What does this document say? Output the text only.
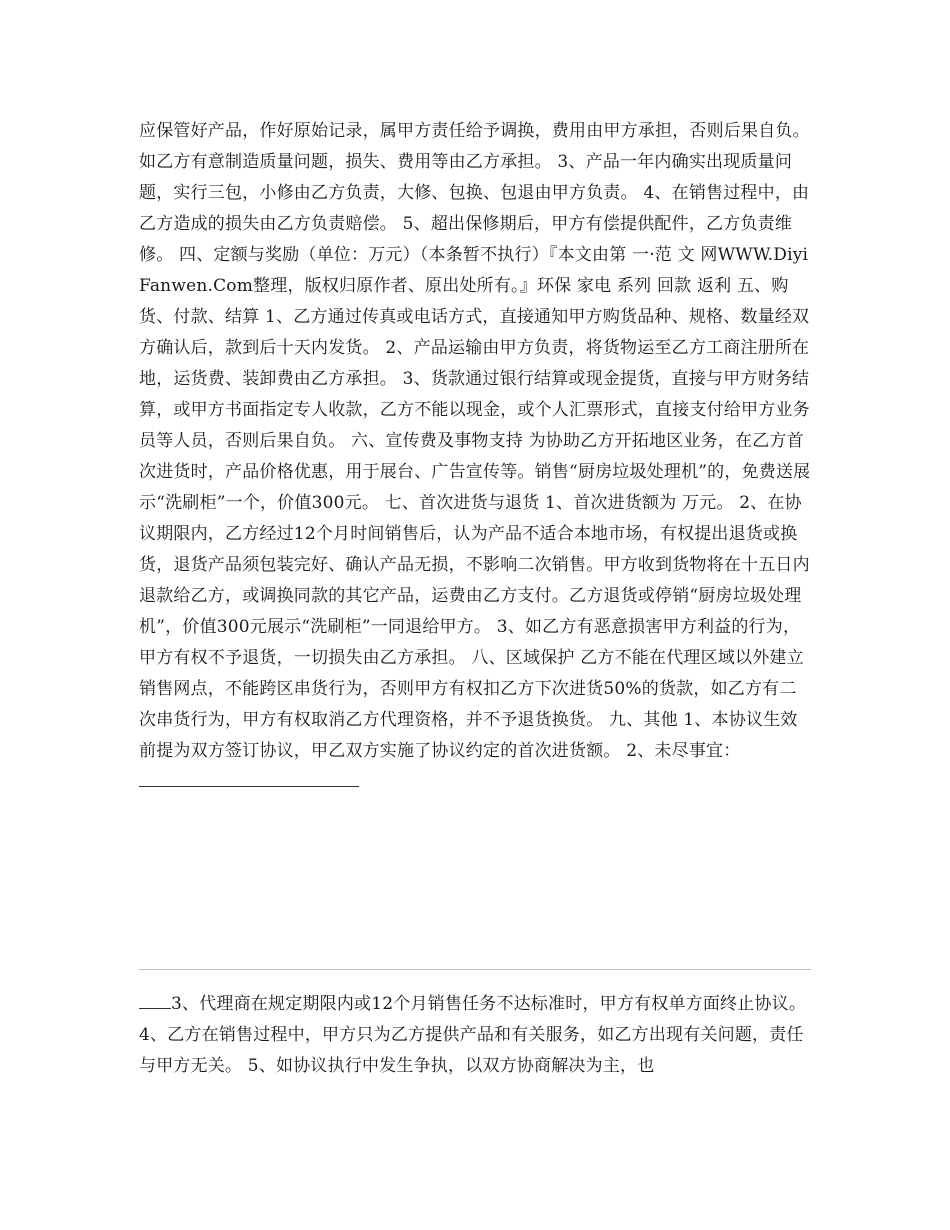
应保管好产品，作好原始记录，属甲方责任给予调换，费用由甲方承担，否则后果自负。如乙方有意制造质量问题，损失、费用等由乙方承担。 3、产品一年内确实出现质量问题，实行三包，小修由乙方负责，大修、包换、包退由甲方负责。 4、在销售过程中，由乙方造成的损失由乙方负责赔偿。 5、超出保修期后，甲方有偿提供配件，乙方负责维修。 四、定额与奖励（单位：万元）（本条暂不执行）『本文由第 一·范 文 网WWW.DiyiFanwen.Com整理，版权归原作者、原出处所有。』环保 家电 系列 回款 返利 五、购货、付款、结算 1、乙方通过传真或电话方式，直接通知甲方购货品种、规格、数量经双方确认后，款到后十天内发货。 2、产品运输由甲方负责，将货物运至乙方工商注册所在地，运货费、装卸费由乙方承担。 3、货款通过银行结算或现金提货，直接与甲方财务结算，或甲方书面指定专人收款，乙方不能以现金，或个人汇票形式，直接支付给甲方业务员等人员，否则后果自负。 六、宣传费及事物支持 为协助乙方开拓地区业务，在乙方首次进货时，产品价格优惠，用于展台、广告宣传等。销售“厨房垃圾处理机”的，免费送展示“洗刷柜”一个，价值300元。 七、首次进货与退货 1、首次进货额为 万元。 2、在协议期限内，乙方经过12个月时间销售后，认为产品不适合本地市场，有权提出退货或换货，退货产品须包装完好、确认产品无损，不影响二次销售。甲方收到货物将在十五日内退款给乙方，或调换同款的其它产品，运费由乙方支付。乙方退货或停销“厨房垃圾处理机”，价值300元展示“洗刷柜”一同退给甲方。 3、如乙方有恶意损害甲方利益的行为，甲方有权不予退货，一切损失由乙方承担。 八、区域保护 乙方不能在代理区域以外建立销售网点，不能跨区串货行为，否则甲方有权扣乙方下次进货50%的货款，如乙方有二次串货行为，甲方有权取消乙方代理资格，并不予退货换货。 九、其他 1、本协议生效前提为双方签订协议，甲乙双方实施了协议约定的首次进货额。 2、未尽事宜：

3、代理商在规定期限内或12个月销售任务不达标准时，甲方有权单方面终止协议。 4、乙方在销售过程中，甲方只为乙方提供产品和有关服务，如乙方出现有关问题，责任与甲方无关。 5、如协议执行中发生争执，以双方协商解决为主，也
